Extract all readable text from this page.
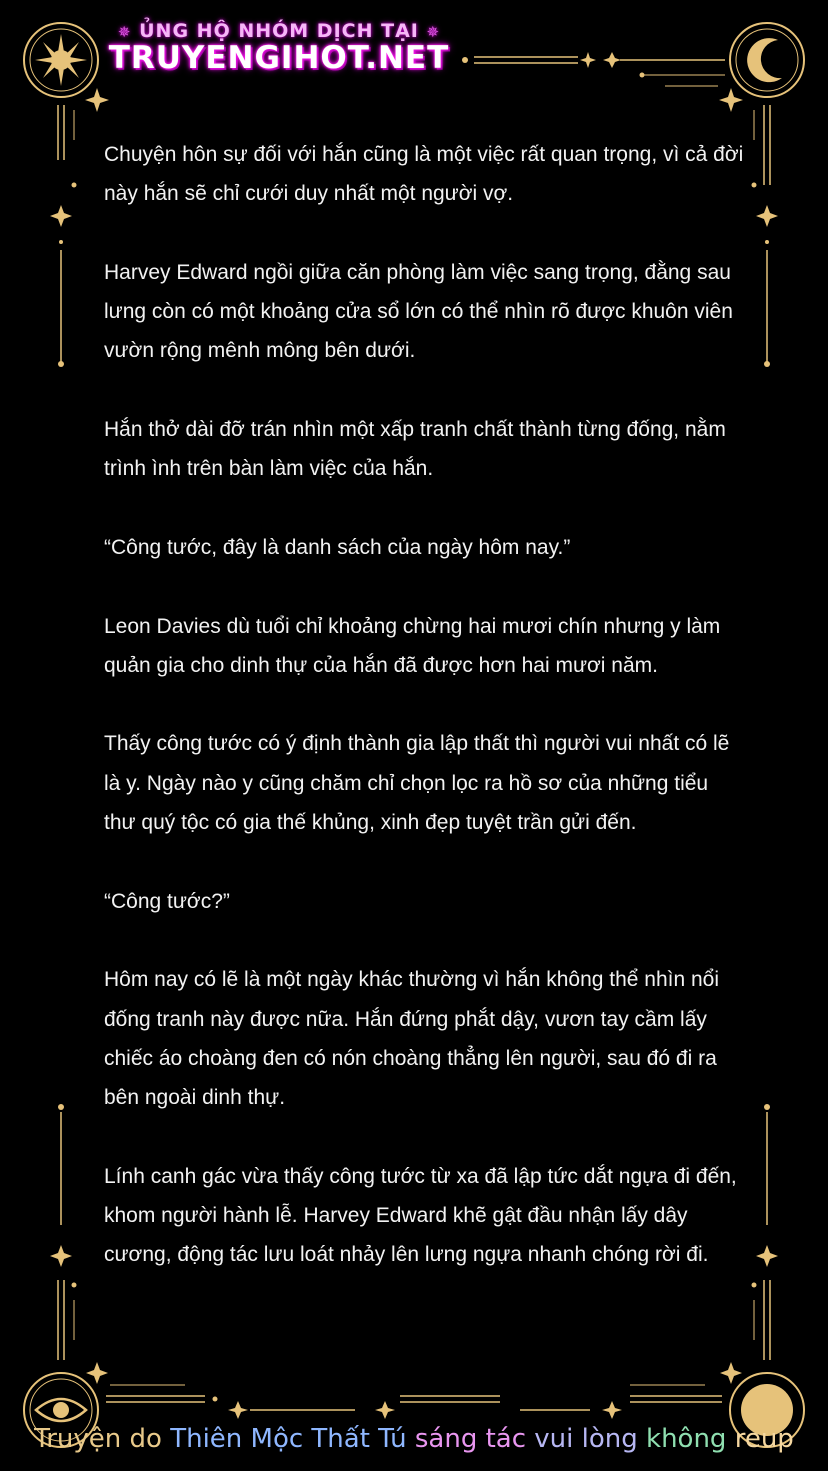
✵ ỦNG HỘ NHÓM DỊCH TẠI ✵
TRUYENGIHOT.NET

Chuyện hôn sự đối với hắn cũng là một việc rất quan trọng, vì cả đời này hắn sẽ chỉ cưới duy nhất một người vợ.

Harvey Edward ngồi giữa căn phòng làm việc sang trọng, đằng sau lưng còn có một khoảng cửa sổ lớn có thể nhìn rõ được khuôn viên vườn rộng mênh mông bên dưới.

Hắn thở dài đỡ trán nhìn một xấp tranh chất thành từng đống, nằm trình ình trên bàn làm việc của hắn.

“Công tước, đây là danh sách của ngày hôm nay.”

Leon Davies dù tuổi chỉ khoảng chừng hai mươi chín nhưng y làm quản gia cho dinh thự của hắn đã được hơn hai mươi năm.

Thấy công tước có ý định thành gia lập thất thì người vui nhất có lẽ là y. Ngày nào y cũng chăm chỉ chọn lọc ra hồ sơ của những tiểu thư quý tộc có gia thế khủng, xinh đẹp tuyệt trần gửi đến.

“Công tước?”

Hôm nay có lẽ là một ngày khác thường vì hắn không thể nhìn nổi đống tranh này được nữa. Hắn đứng phắt dậy, vươn tay cầm lấy chiếc áo choàng đen có nón choàng thẳng lên người, sau đó đi ra bên ngoài dinh thự.

Lính canh gác vừa thấy công tước từ xa đã lập tức dắt ngựa đi đến, khom người hành lễ. Harvey Edward khẽ gật đầu nhận lấy dây cương, động tác lưu loát nhảy lên lưng ngựa nhanh chóng rời đi.

Truyện do Thiên Mộc Thất Tú sáng tác vui lòng không reup
